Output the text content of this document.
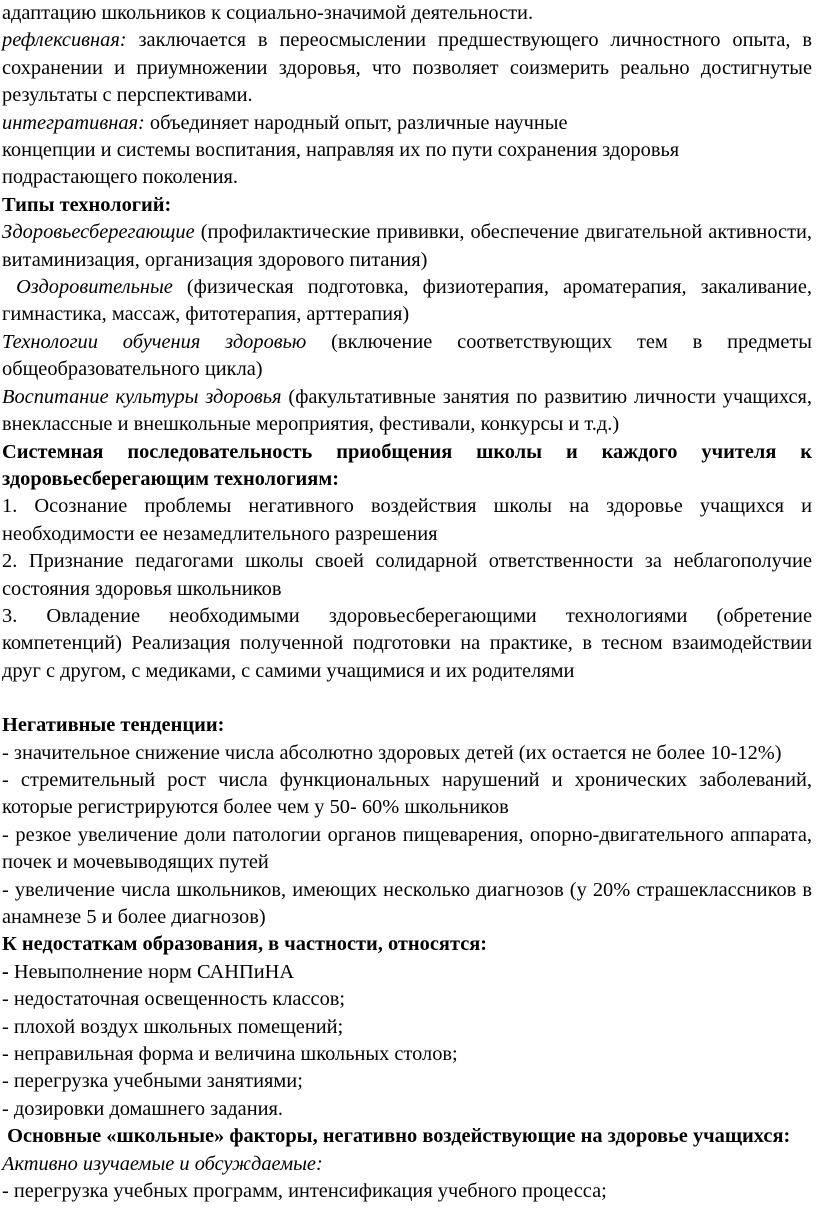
адаптацию школьников к социально-значимой деятельности.

рефлексивная: заключается в переосмыслении предшествующего личностного опыта, в сохранении и приумножении здоровья, что позволяет соизмерить реально достигнутые результаты с перспективами.

интегративная: объединяет народный опыт, различные научные

концепции и системы воспитания, направляя их по пути сохранения здоровья подрастающего поколения.

Типы технологий:

Здоровьесберегающие (профилактические прививки, обеспечение двигательной активности, витаминизация, организация здорового питания)

Оздоровительные (физическая подготовка, физиотерапия, ароматерапия, закаливание, гимнастика, массаж, фитотерапия, арттерапия)

Технологии обучения здоровью (включение соответствующих тем в предметы общеобразовательного цикла)

Воспитание культуры здоровья (факультативные занятия по развитию личности учащихся, внеклассные и внешкольные мероприятия, фестивали, конкурсы и т.д.)

Системная последовательность приобщения школы и каждого учителя к здоровьесберегающим технологиям:

1. Осознание проблемы негативного воздействия школы на здоровье учащихся и необходимости ее незамедлительного разрешения

2. Признание педагогами школы своей солидарной ответственности за неблагополучие состояния здоровья школьников

3. Овладение необходимыми здоровьесберегающими технологиями (обретение компетенций) Реализация полученной подготовки на практике, в тесном взаимодействии друг с другом, с медиками, с самими учащимися и их родителями

Негативные тенденции:

- значительное снижение числа абсолютно здоровых детей (их остается не более 10-12%)

- стремительный рост числа функциональных нарушений и хронических заболеваний, которые регистрируются более чем у 50- 60% школьников

- резкое увеличение доли патологии органов пищеварения, опорно-двигательного аппарата, почек и мочевыводящих путей

- увеличение числа школьников, имеющих несколько диагнозов (у 20% страшеклассников в анамнезе 5 и более диагнозов)

К недостаткам образования, в частности, относятся:

- Невыполнение норм САНПиНА

- недостаточная освещенность классов;

- плохой воздух школьных помещений;

- неправильная форма и величина школьных столов;

- перегрузка учебными занятиями;

- дозировки домашнего задания.

Основные «школьные» факторы, негативно воздействующие на здоровье учащихся:

Активно изучаемые и обсуждаемые:

- перегрузка учебных программ, интенсификация учебного процесса;
